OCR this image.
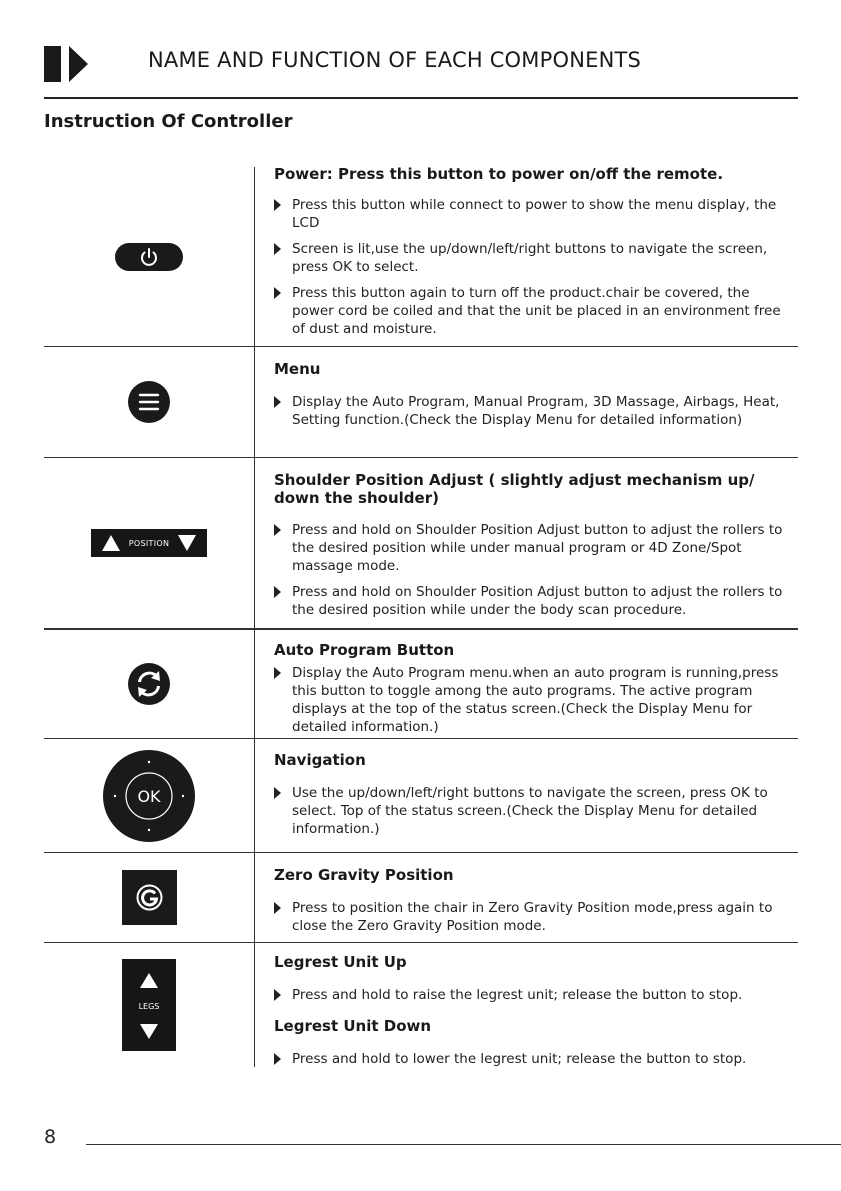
NAME AND FUNCTION OF EACH COMPONENTS
Instruction Of Controller
Power: Press this button to power on/off the remote.
Press this button while connect to power to show the menu display, the LCD
Screen is lit,use the up/down/left/right buttons to navigate the screen, press OK to select.
Press this button again to turn off the product.chair be covered, the power cord be coiled and that the unit be placed in an environment free of dust and moisture.
Menu
Display the Auto Program, Manual Program, 3D Massage, Airbags, Heat, Setting function.(Check the Display Menu for detailed information)
POSITION
Shoulder Position Adjust ( slightly adjust mechanism up/ down the shoulder)
Press and hold on Shoulder Position Adjust button to adjust the rollers to the desired position while under manual program or 4D Zone/Spot massage mode.
Press and hold on Shoulder Position Adjust button to adjust the rollers to the desired position while under the body scan procedure.
Auto Program Button
Display the Auto Program menu.when an auto program is running,press this button to toggle among the auto programs. The active program displays at the top of the status screen.(Check the Display Menu for detailed information.)
OK
Navigation
Use the up/down/left/right buttons to navigate the screen, press OK to select. Top of the status screen.(Check the Display Menu for detailed information.)
Zero Gravity Position
Press to position the chair in Zero Gravity Position mode,press again to close the Zero Gravity Position mode.
LEGS
Legrest Unit Up
Press and hold to raise the legrest unit; release the button to stop.
Legrest Unit Down
Press and hold to lower the legrest unit; release the button to stop.
8
